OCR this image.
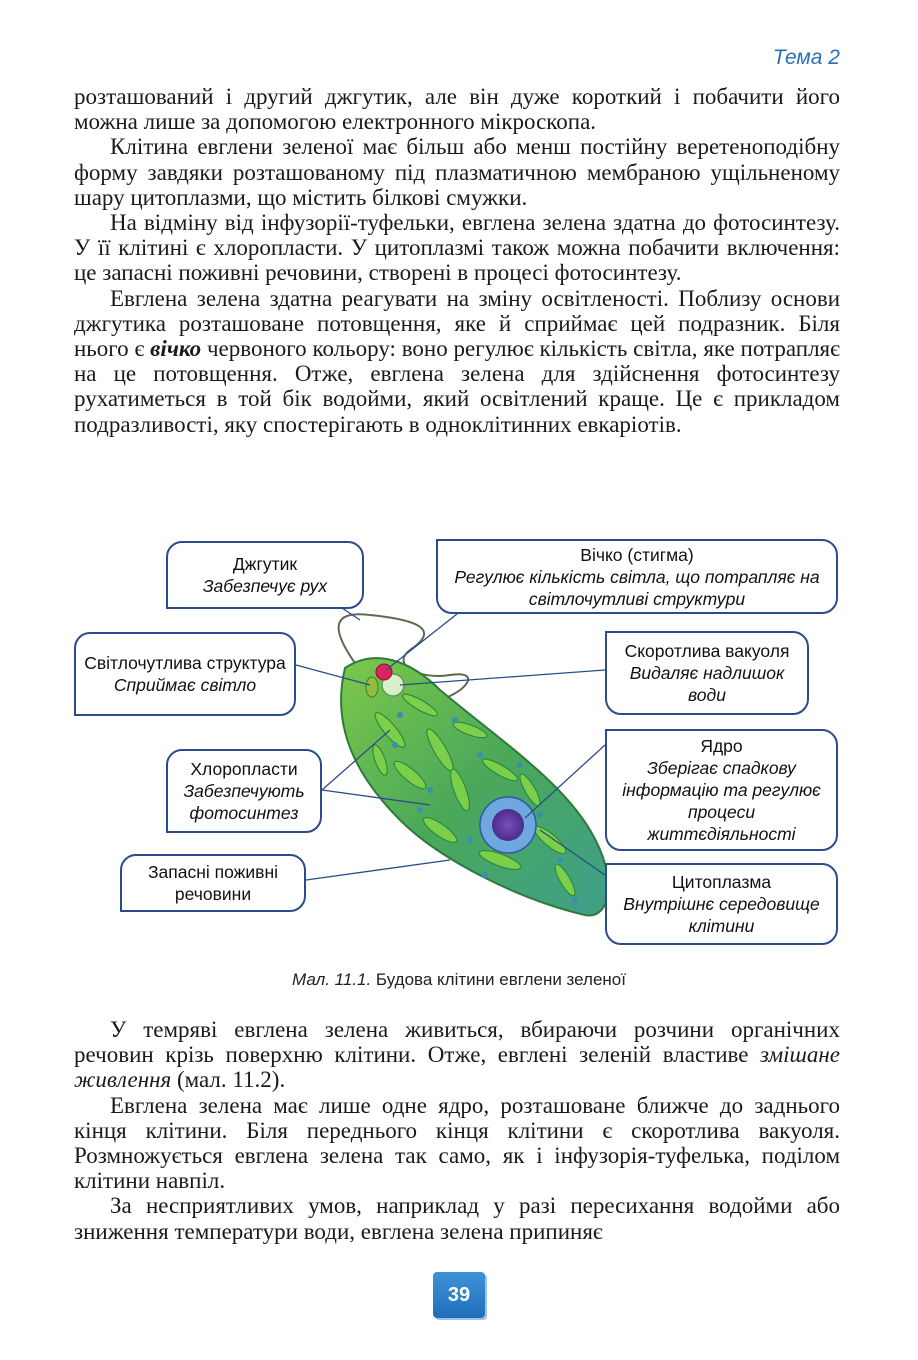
Тема 2

розташований і другий джгутик, але він дуже короткий і побачити його можна лише за допомогою електронного мікроскопа.

Клітина евглени зеленої має більш або менш постійну веретеноподібну форму завдяки розташованому під плазматичною мембраною ущільненому шару цитоплазми, що містить білкові смужки.

На відміну від інфузорії-туфельки, евглена зелена здатна до фотосинтезу. У її клітині є хлоропласти. У цитоплазмі також можна побачити включення: це запасні поживні речовини, створені в процесі фотосинтезу.

Евглена зелена здатна реагувати на зміну освітленості. Поблизу основи джгутика розташоване потовщення, яке й сприймає цей подразник. Біля нього є вічко червоного кольору: воно регулює кількість світла, яке потрапляє на це потовщення. Отже, евглена зелена для здійснення фотосинтезу рухатиметься в той бік водойми, який освітлений краще. Це є прикладом подразливості, яку спостерігають в одноклітинних евкаріотів.

Джгутик
Забезпечує рух
Вічко (стигма)
Регулює кількість світла, що потрапляє на світлочутливі структури
Світлочутлива структура
Сприймає світло
Скоротлива вакуоля
Видаляє надлишок води
Хлоропласти
Забезпечують фотосинтез
Ядро
Зберігає спадкову інформацію та регулює процеси життєдіяльності
Запасні поживні речовини
Цитоплазма
Внутрішнє середовище клітини
Мал. 11.1. Будова клітини евглени зеленої

У темряві евглена зелена живиться, вбираючи розчини органічних речовин крізь поверхню клітини. Отже, евглені зеленій властиве змішане живлення (мал. 11.2).

Евглена зелена має лише одне ядро, розташоване ближче до заднього кінця клітини. Біля переднього кінця клітини є скоротлива вакуоля. Розмножується евглена зелена так само, як і інфузорія-туфелька, поділом клітини навпіл.

За несприятливих умов, наприклад у разі пересихання водойми або зниження температури води, евглена зелена припиняє

39
